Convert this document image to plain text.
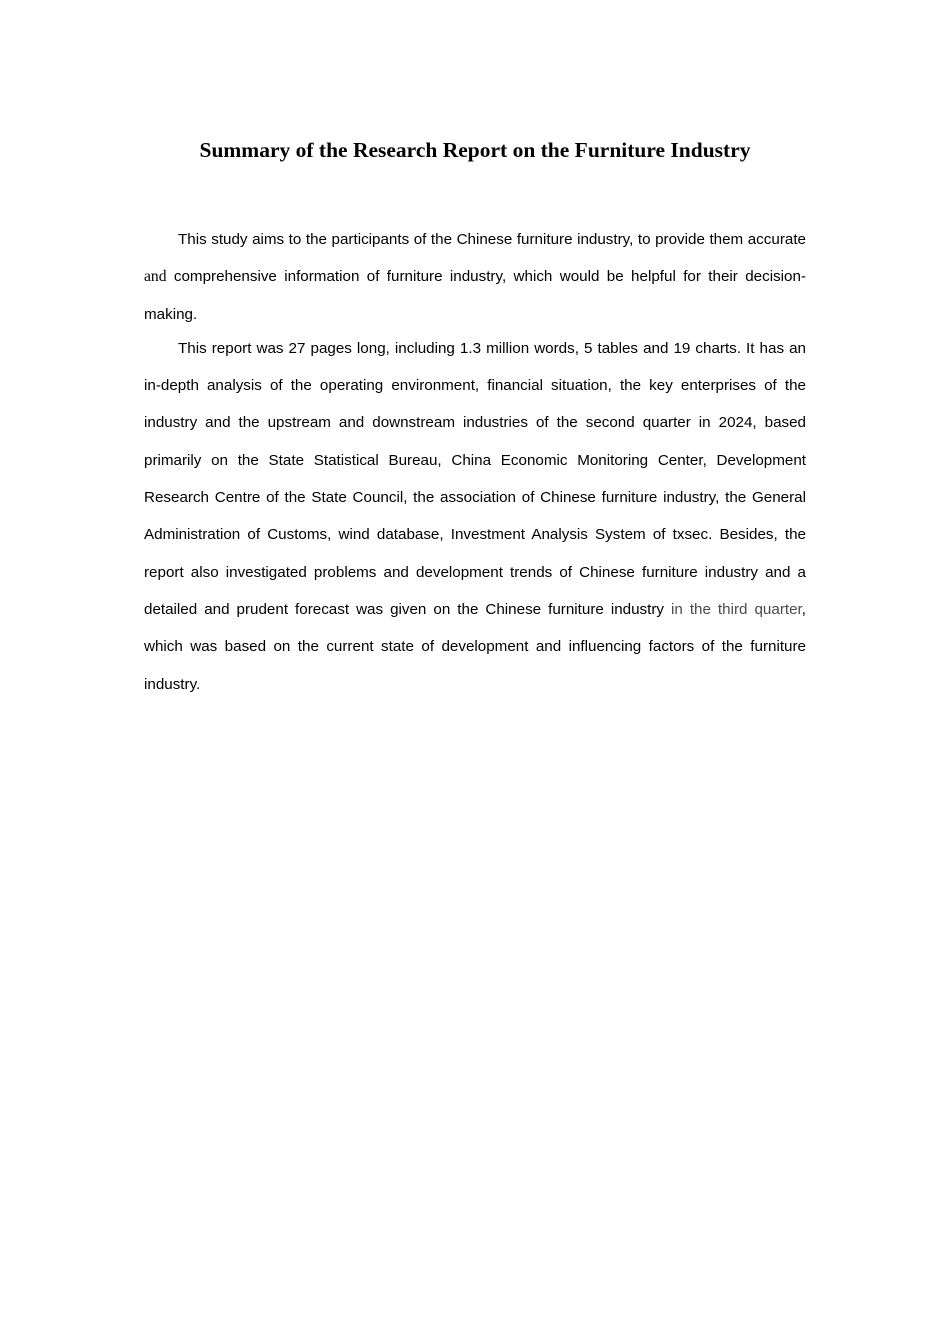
Summary of the Research Report on the Furniture Industry

This study aims to the participants of the Chinese furniture industry, to provide them accurate and comprehensive information of furniture industry, which would be helpful for their decision-making.

This report was 27 pages long, including 1.3 million words, 5 tables and 19 charts. It has an in-depth analysis of the operating environment, financial situation, the key enterprises of the industry and the upstream and downstream industries of the second quarter in 2024, based primarily on the State Statistical Bureau, China Economic Monitoring Center, Development Research Centre of the State Council, the association of Chinese furniture industry, the General Administration of Customs, wind database, Investment Analysis System of txsec. Besides, the report also investigated problems and development trends of Chinese furniture industry and a detailed and prudent forecast was given on the Chinese furniture industry in the third quarter, which was based on the current state of development and influencing factors of the furniture industry.
